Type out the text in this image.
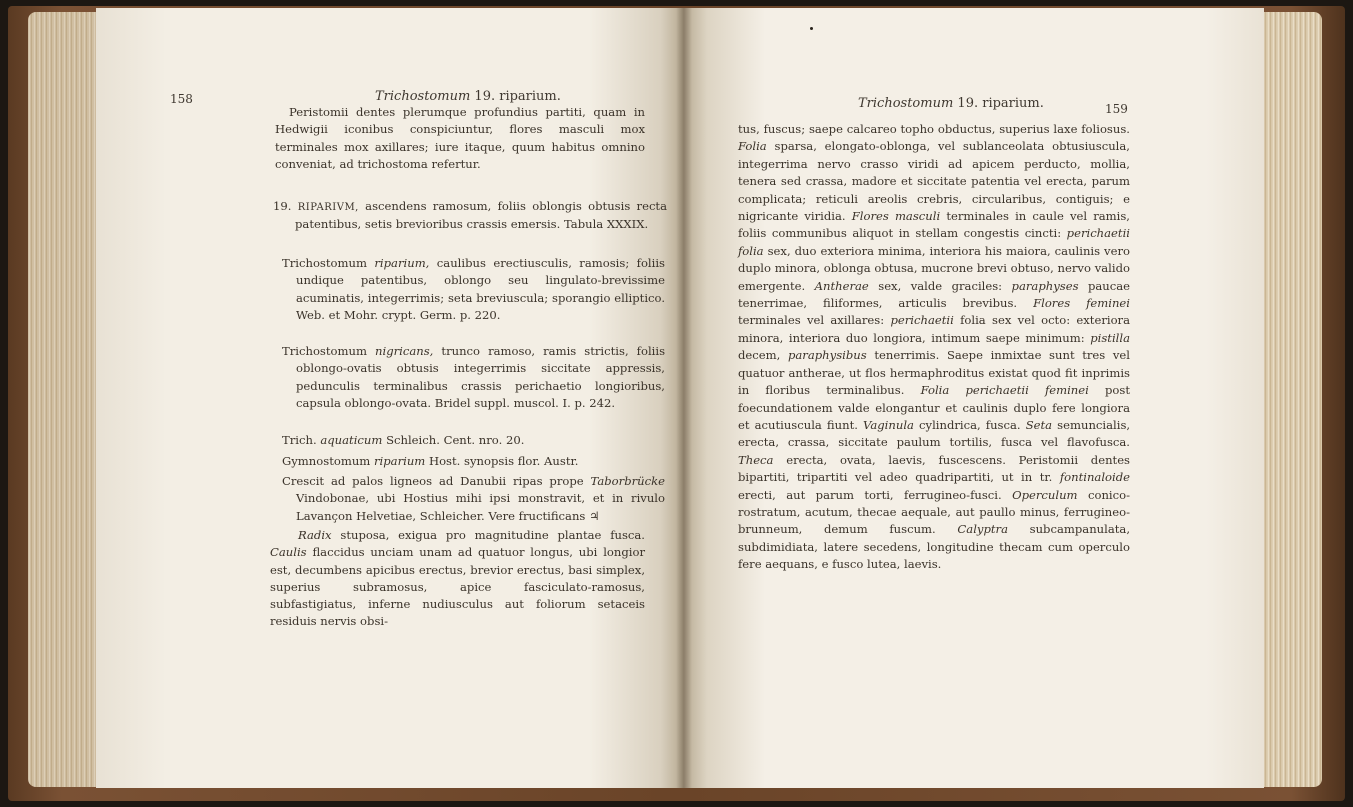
158	Trichostomum 19. riparium.
Peristomii dentes plerumque profundius partiti, quam in Hedwigii iconibus conspiciuntur, flores masculi mox terminales mox axillares; iure itaque, quum habitus omnino conveniat, ad trichostoma refertur.
19. RIPARIVM, ascendens ramosum, foliis oblongis obtusis recta patentibus, setis brevioribus crassis emersis. Tabula XXXIX.
Trichostomum riparium, caulibus erectiusculis, ramosis; foliis undique patentibus, oblongo seu lingulato-brevissime acuminatis, integerrimis; seta breviuscula; sporangio elliptico. Web. et Mohr. crypt. Germ. p. 220.
Trichostomum nigricans, trunco ramoso, ramis strictis, foliis oblongo-ovatis obtusis integerrimis siccitate appressis, pedunculis terminalibus crassis perichaetio longioribus, capsula oblongo-ovata. Bridel suppl. muscol. I. p. 242.
Trich. aquaticum Schleich. Cent. nro. 20.
Gymnostomum riparium Host. synopsis flor. Austr.
Crescit ad palos ligneos ad Danubii ripas prope Taborbrücke Vindobonae, ubi Hostius mihi ipsi monstravit, et in rivulo Lavançon Helvetiae, Schleicher. Vere fructificans ♃
Radix stuposa, exigua pro magnitudine plantae fusca. Caulis flaccidus unciam unam ad quatuor longus, ubi longior est, decumbens apicibus erectus, brevior erectus, basi simplex, superius subramosus, apice fasciculato-ramosus, subfastigiatus, inferne nudiusculus aut foliorum setaceis residuis nervis obsi-
Trichostomum 19. riparium.	159
tus, fuscus; saepe calcareo topho obductus, superius laxe foliosus. Folia sparsa, elongato-oblonga, vel sublanceolata obtusiuscula, integerrima nervo crasso viridi ad apicem perducto, mollia, tenera sed crassa, madore et siccitate patentia vel erecta, parum complicata; reticuli areolis crebris, circularibus, contiguis; e nigricante viridia. Flores masculi terminales in caule vel ramis, foliis communibus aliquot in stellam congestis cincti: perichaetii folia sex, duo exteriora minima, interiora his maiora, caulinis vero duplo minora, oblonga obtusa, mucrone brevi obtuso, nervo valido emergente. Antherae sex, valde graciles: paraphyses paucae tenerrimae, filiformes, articulis brevibus. Flores feminei terminales vel axillares: perichaetii folia sex vel octo: exteriora minora, interiora duo longiora, intimum saepe minimum: pistilla decem, paraphysibus tenerrimis. Saepe inmixtae sunt tres vel quatuor antherae, ut flos hermaphroditus existat quod fit inprimis in floribus terminalibus. Folia perichaetii feminei post foecundationem valde elongantur et caulinis duplo fere longiora et acutiuscula fiunt. Vaginula cylindrica, fusca. Seta semuncialis, erecta, crassa, siccitate paulum tortilis, fusca vel flavofusca. Theca erecta, ovata, laevis, fuscescens. Peristomii dentes bipartiti, tripartiti vel adeo quadripartiti, ut in tr. fontinaloide erecti, aut parum torti, ferrugineo-fusci. Operculum conico-rostratum, acutum, thecae aequale, aut paullo minus, ferrugineo-brunneum, demum fuscum. Calyptra subcampanulata, subdimidiata, latere secedens, longitudine thecam cum operculo fere aequans, e fusco lutea, laevis.
